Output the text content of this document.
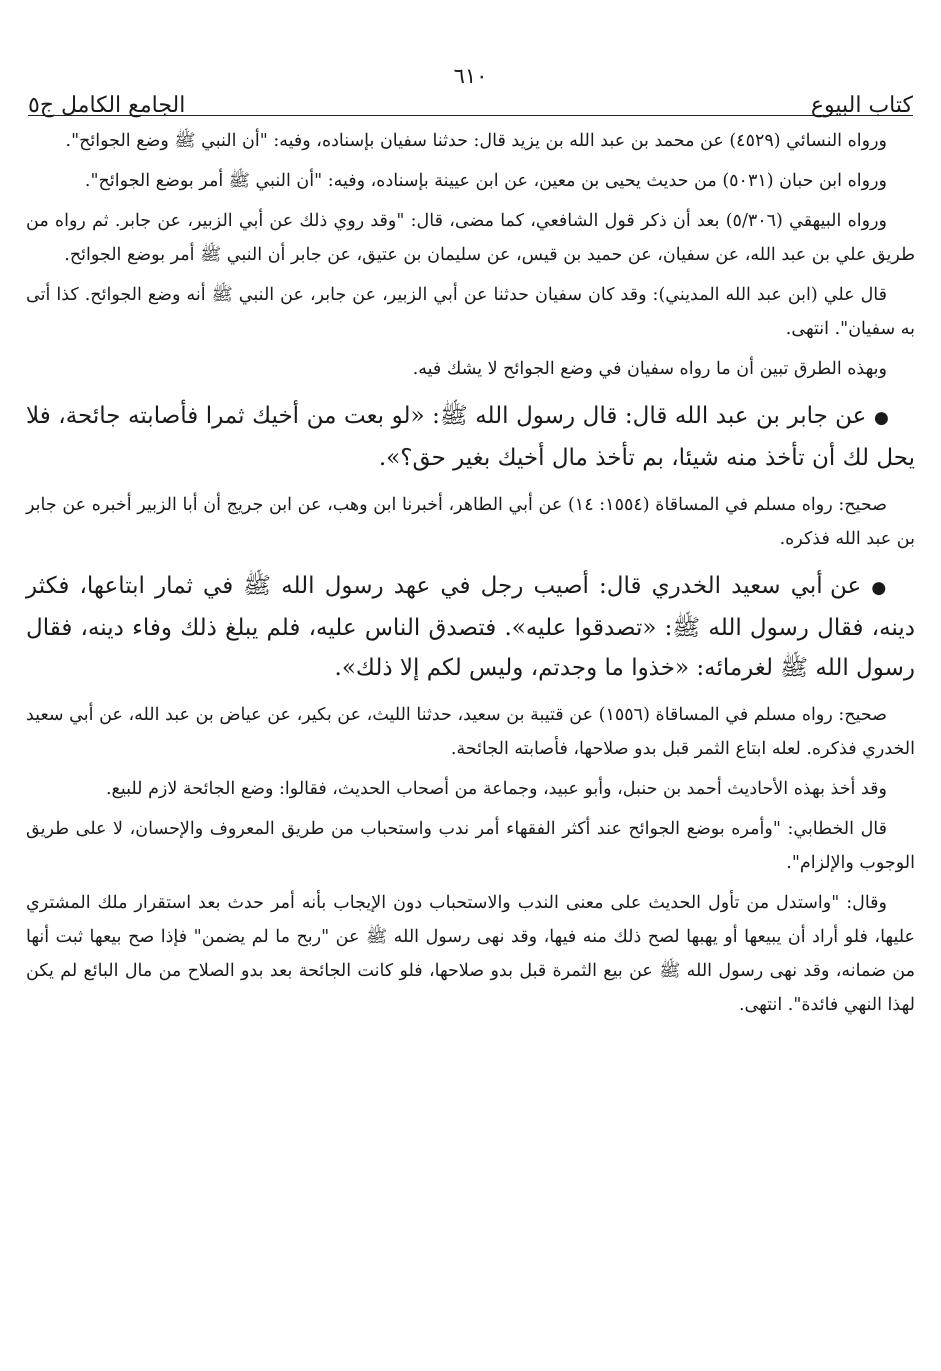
كتاب البيوع
٦١٠
الجامع الكامل ج٥

ورواه النسائي (٤٥٢٩) عن محمد بن عبد الله بن يزيد قال: حدثنا سفيان بإسناده، وفيه: "أن النبي ﷺ وضع الجوائح".

ورواه ابن حبان (٥٠٣١) من حديث يحيى بن معين، عن ابن عيينة بإسناده، وفيه: "أن النبي ﷺ أمر بوضع الجوائح".

ورواه البيهقي (٥/٣٠٦) بعد أن ذكر قول الشافعي، كما مضى، قال: "وقد روي ذلك عن أبي الزبير، عن جابر. ثم رواه من طريق علي بن عبد الله، عن سفيان، عن حميد بن قيس، عن سليمان بن عتيق، عن جابر أن النبي ﷺ أمر بوضع الجوائح.

قال علي (ابن عبد الله المديني): وقد كان سفيان حدثنا عن أبي الزبير، عن جابر، عن النبي ﷺ أنه وضع الجوائح. كذا أتى به سفيان". انتهى.

وبهذه الطرق تبين أن ما رواه سفيان في وضع الجوائح لا يشك فيه.

● عن جابر بن عبد الله قال: قال رسول الله ﷺ: «لو بعت من أخيك ثمرا فأصابته جائحة، فلا يحل لك أن تأخذ منه شيئا، بم تأخذ مال أخيك بغير حق؟».

صحيح: رواه مسلم في المساقاة (١٥٥٤: ١٤) عن أبي الطاهر، أخبرنا ابن وهب، عن ابن جريج أن أبا الزبير أخبره عن جابر بن عبد الله فذكره.

● عن أبي سعيد الخدري قال: أصيب رجل في عهد رسول الله ﷺ في ثمار ابتاعها، فكثر دينه، فقال رسول الله ﷺ: «تصدقوا عليه». فتصدق الناس عليه، فلم يبلغ ذلك وفاء دينه، فقال رسول الله ﷺ لغرمائه: «خذوا ما وجدتم، وليس لكم إلا ذلك».

صحيح: رواه مسلم في المساقاة (١٥٥٦) عن قتيبة بن سعيد، حدثنا الليث، عن بكير، عن عياض بن عبد الله، عن أبي سعيد الخدري فذكره. لعله ابتاع الثمر قبل بدو صلاحها، فأصابته الجائحة.

وقد أخذ بهذه الأحاديث أحمد بن حنبل، وأبو عبيد، وجماعة من أصحاب الحديث، فقالوا: وضع الجائحة لازم للبيع.

قال الخطابي: "وأمره بوضع الجوائح عند أكثر الفقهاء أمر ندب واستحباب من طريق المعروف والإحسان، لا على طريق الوجوب والإلزام".

وقال: "واستدل من تأول الحديث على معنى الندب والاستحباب دون الإيجاب بأنه أمر حدث بعد استقرار ملك المشتري عليها، فلو أراد أن يبيعها أو يهبها لصح ذلك منه فيها، وقد نهى رسول الله ﷺ عن "ربح ما لم يضمن" فإذا صح بيعها ثبت أنها من ضمانه، وقد نهى رسول الله ﷺ عن بيع الثمرة قبل بدو صلاحها، فلو كانت الجائحة بعد بدو الصلاح من مال البائع لم يكن لهذا النهي فائدة". انتهى.
